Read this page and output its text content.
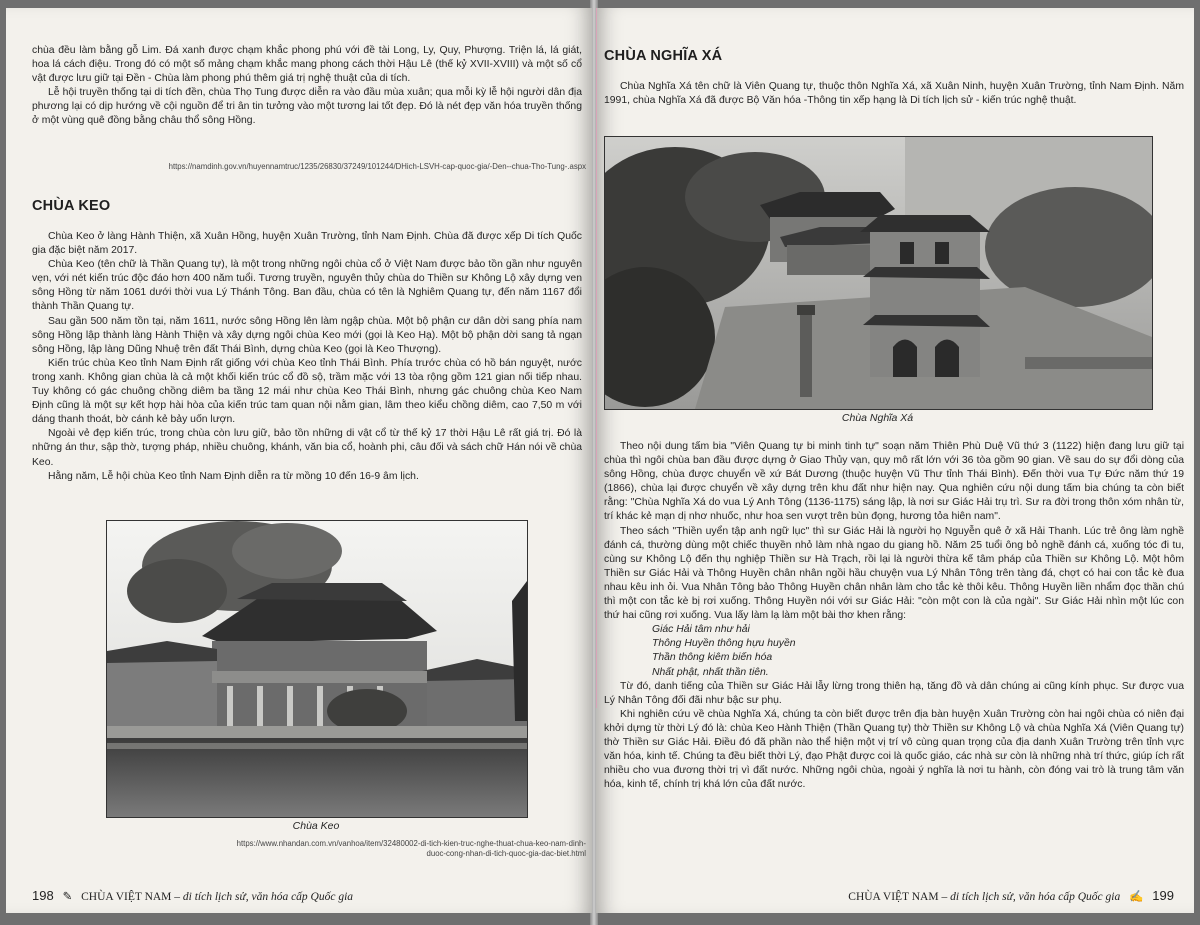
chùa đều làm bằng gỗ Lim. Đá xanh được chạm khắc phong phú với đề tài Long, Ly, Quy, Phượng. Triện lá, lá giát, hoa lá cách điệu. Trong đó có một số mảng chạm khắc mang phong cách thời Hậu Lê (thế kỷ XVII-XVIII) và một số cổ vật được lưu giữ tại Đền - Chùa làm phong phú thêm giá trị nghệ thuật của di tích.

Lễ hội truyền thống tại di tích đền, chùa Thọ Tung được diễn ra vào đầu mùa xuân; qua mỗi kỳ lễ hội người dân địa phương lại có dịp hướng về cội nguồn để tri ân tin tưởng vào một tương lai tốt đẹp. Đó là nét đẹp văn hóa truyền thống ở một vùng quê đồng bằng châu thổ sông Hồng.

https://namdinh.gov.vn/huyennamtruc/1235/26830/37249/101244/DHich-LSVH-cap-quoc-gia/-Den--chua-Tho-Tung-.aspx
CHÙA KEO

Chùa Keo ở làng Hành Thiện, xã Xuân Hồng, huyện Xuân Trường, tỉnh Nam Định. Chùa đã được xếp Di tích Quốc gia đặc biệt năm 2017.

Chùa Keo (tên chữ là Thần Quang tự), là một trong những ngôi chùa cổ ở Việt Nam được bảo tồn gần như nguyên vẹn, với nét kiến trúc độc đáo hơn 400 năm tuổi. Tương truyền, nguyên thủy chùa do Thiền sư Không Lộ xây dựng ven sông Hồng từ năm 1061 dưới thời vua Lý Thánh Tông. Ban đầu, chùa có tên là Nghiêm Quang tự, đến năm 1167 đổi thành Thần Quang tự.

Sau gần 500 năm tồn tại, năm 1611, nước sông Hồng lên làm ngập chùa. Một bộ phận cư dân dời sang phía nam sông Hồng lập thành làng Hành Thiện và xây dựng ngôi chùa Keo mới (gọi là Keo Hạ). Một bộ phận dời sang tả ngạn sông Hồng, lập làng Dũng Nhuệ trên đất Thái Bình, dựng chùa Keo (gọi là Keo Thượng).

Kiến trúc chùa Keo tỉnh Nam Định rất giống với chùa Keo tỉnh Thái Bình. Phía trước chùa có hồ bán nguyệt, nước trong xanh. Không gian chùa là cả một khối kiến trúc cổ đồ sộ, trầm mặc với 13 tòa rộng gồm 121 gian nối tiếp nhau. Tuy không có gác chuông chồng diêm ba tầng 12 mái như chùa Keo Thái Bình, nhưng gác chuông chùa Keo Nam Định cũng là một sự kết hợp hài hòa của kiến trúc tam quan nội nằm gian, lâm theo kiểu chồng diêm, cao 7,50 m với dáng thanh thoát, bờ cánh kẻ bảy uốn lượn.

Ngoài vẻ đẹp kiến trúc, trong chùa còn lưu giữ, bảo tồn những di vật cổ từ thế kỷ 17 thời Hậu Lê rất giá trị. Đó là những án thư, sập thờ, tượng pháp, nhiều chuông, khánh, văn bia cổ, hoành phi, câu đối và sách chữ Hán nói về chùa Keo.

Hằng năm, Lễ hội chùa Keo tỉnh Nam Định diễn ra từ mồng 10 đến 16-9 âm lịch.

Chùa Keo
https://www.nhandan.com.vn/vanhoa/item/32480002-di-tich-kien-truc-nghe-thuat-chua-keo-nam-dinh-duoc-cong-nhan-di-tich-quoc-gia-dac-biet.html
198 ✎ CHÙA VIỆT NAM – di tích lịch sử, văn hóa cấp Quốc gia
CHÙA NGHĨA XÁ

Chùa Nghĩa Xá tên chữ là Viên Quang tự, thuộc thôn Nghĩa Xá, xã Xuân Ninh, huyện Xuân Trường, tỉnh Nam Định. Năm 1991, chùa Nghĩa Xá đã được Bộ Văn hóa -Thông tin xếp hạng là Di tích lịch sử - kiến trúc nghệ thuật.

Chùa Nghĩa Xá

Theo nội dung tấm bia "Viên Quang tự bi minh tinh tự" soạn năm Thiên Phù Duệ Vũ thứ 3 (1122) hiện đang lưu giữ tại chùa thì ngôi chùa ban đầu được dựng ở Giao Thủy vạn, quy mô rất lớn với 36 tòa gồm 90 gian. Về sau do sự đổi dòng của sông Hồng, chùa được chuyển về xứ Bát Dương (thuộc huyện Vũ Thư tỉnh Thái Bình). Đến thời vua Tự Đức năm thứ 19 (1866), chùa lại được chuyển về xây dựng trên khu đất như hiện nay. Qua nghiên cứu nội dung tấm bia chúng ta còn biết rằng: "Chùa Nghĩa Xá do vua Lý Anh Tông (1136-1175) sáng lập, là nơi sư Giác Hải trụ trì. Sư ra đời trong thôn xóm nhân từ, trí khác kẻ mạn dị nhơ nhuốc, như hoa sen vượt trên bùn đọng, hương tỏa hiên nam".

Theo sách "Thiền uyển tập anh ngữ lục" thì sư Giác Hải là người họ Nguyễn quê ở xã Hải Thanh. Lúc trẻ ông làm nghề đánh cá, thường dùng một chiếc thuyền nhỏ làm nhà ngao du giang hồ. Năm 25 tuổi ông bỏ nghề đánh cá, xuống tóc đi tu, cùng sư Không Lộ đến thụ nghiệp Thiền sư Hà Trạch, rồi lại là người thừa kế tâm pháp của Thiền sư Không Lộ. Một hôm Thiền sư Giác Hải và Thông Huyền chân nhân ngồi hầu chuyện vua Lý Nhân Tông trên tàng đá, chợt có hai con tắc kè đua nhau kêu inh ỏi. Vua Nhân Tông bảo Thông Huyền chân nhân làm cho tắc kè thôi kêu. Thông Huyền liền nhẩm đọc thần chú thì một con tắc kè bị rơi xuống. Thông Huyền nói với sư Giác Hải: "còn một con là của ngài". Sư Giác Hải nhìn một lúc con thứ hai cũng rơi xuống. Vua lấy làm lạ làm một bài thơ khen rằng:

Giác Hải tâm như hải

Thông Huyền thông hựu huyền

Thần thông kiêm biến hóa

Nhất phật, nhất thần tiên.

Từ đó, danh tiếng của Thiền sư Giác Hải lẫy lừng trong thiên hạ, tăng đồ và dân chúng ai cũng kính phục. Sư được vua Lý Nhân Tông đối đãi như bậc sư phụ.

Khi nghiên cứu về chùa Nghĩa Xá, chúng ta còn biết được trên địa bàn huyện Xuân Trường còn hai ngôi chùa có niên đại khởi dựng từ thời Lý đó là: chùa Keo Hành Thiện (Thần Quang tự) thờ Thiền sư Không Lộ và chùa Nghĩa Xá (Viên Quang tự) thờ Thiền sư Giác Hải. Điều đó đã phần nào thể hiện một vị trí vô cùng quan trọng của địa danh Xuân Trường trên tỉnh vực văn hóa, kinh tế. Chúng ta đều biết thời Lý, đạo Phật được coi là quốc giáo, các nhà sư còn là những nhà trí thức, giúp ích rất nhiều cho vua đương thời trị vì đất nước. Những ngôi chùa, ngoài ý nghĩa là nơi tu hành, còn đóng vai trò là trung tâm văn hóa, kinh tế, chính trị khá lớn của đất nước.

CHÙA VIỆT NAM – di tích lịch sử, văn hóa cấp Quốc gia ✍ 199
